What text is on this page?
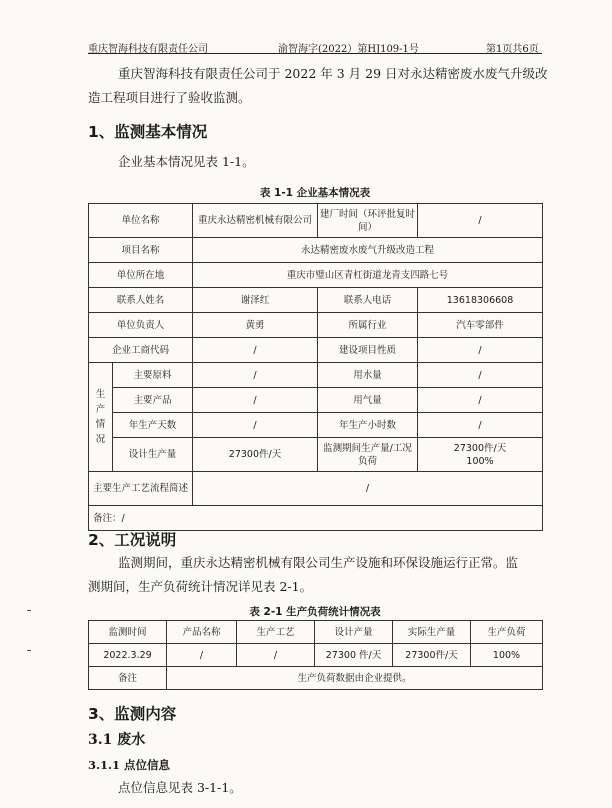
重庆智海科技有限责任公司	渝智海字(2022）第HJ109-1号	第1页共6页
重庆智海科技有限责任公司于 2022 年 3 月 29 日对永达精密废水废气升级改
造工程项目进行了验收监测。
1、监测基本情况
企业基本情况见表 1-1。
表 1-1 企业基本情况表
单位名称		重庆永达精密机械有限公司	建厂时间（环评批复时间）	/
项目名称		永达精密废水废气升级改造工程		
单位所在地		重庆市璧山区青杠街道龙青支四路七号		
联系人姓名		谢泽红	联系人电话	13618306608
单位负责人		黄勇	所属行业	汽车零部件
企业工商代码		/	建设项目性质	/
生
产
情
况	主要原料	/	用水量	/
	主要产品	/	用气量	/
	年生产天数	/	年生产小时数	/
	设计生产量	27300件/天	监测期间生产量/工况负荷	27300件/天
100%
主要生产工艺流程简述		/		
备注：/				
2、工况说明
监测期间，重庆永达精密机械有限公司生产设施和环保设施运行正常。监
测期间，生产负荷统计情况详见表 2-1。
表 2-1 生产负荷统计情况表
监测时间	产品名称	生产工艺	设计产量	实际生产量	生产负荷
2022.3.29	/	/	27300 件/天	27300件/天	100%
备注	生产负荷数据由企业提供。				
3、监测内容
3.1 废水
3.1.1 点位信息
点位信息见表 3-1-1。
